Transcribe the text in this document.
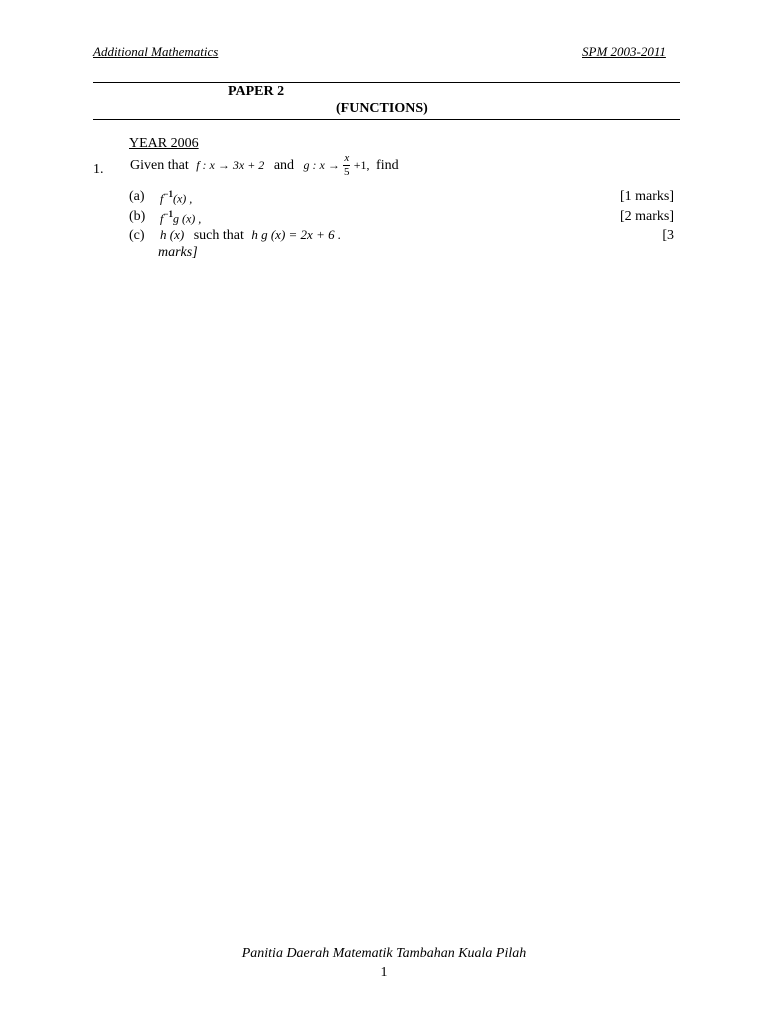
Additional Mathematics	SPM 2003-2011
PAPER 2
(FUNCTIONS)
YEAR 2006
1. Given that f : x → 3x + 2 and g : $x \to \frac{x}{5} +1$, find
(a) $f^{-1}(x)$ ,	[1 marks]
(b) $f^{-1}g$ (x) ,	[2 marks]
(c) h (x) such that h g (x) = 2x + 6 .	[3
marks]
Panitia Daerah Matematik Tambahan Kuala Pilah
1
